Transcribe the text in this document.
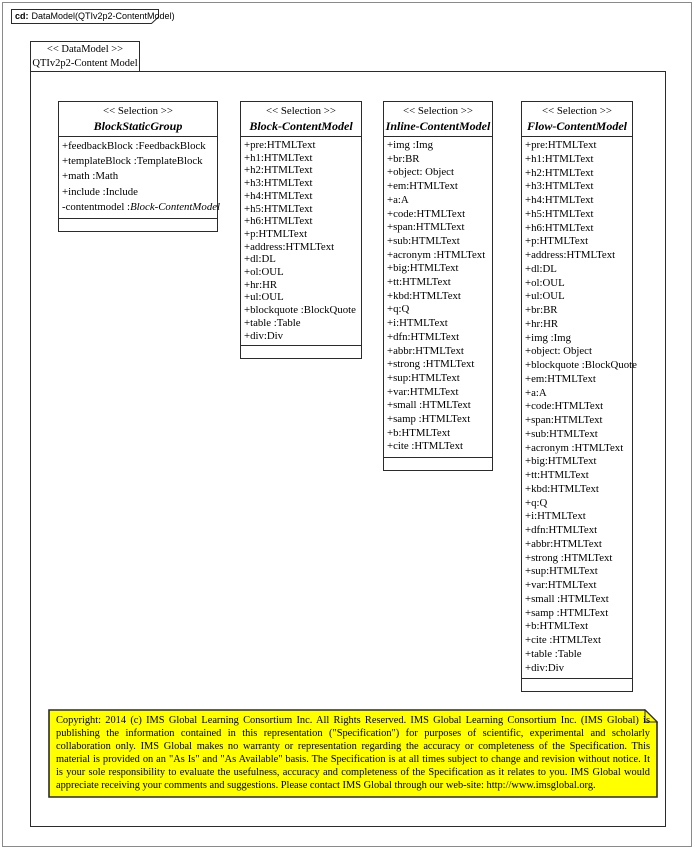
cd: DataModel(QTIv2p2-ContentModel)
<< DataModel >>
QTIv2p2-Content Model
<< Selection >>
BlockStaticGroup
+feedbackBlock :FeedbackBlock
+templateBlock :TemplateBlock
+math :Math
+include :Include
-contentmodel :Block-ContentModel
<< Selection >>
Block-ContentModel
+pre:HTMLText
+h1:HTMLText
+h2:HTMLText
+h3:HTMLText
+h4:HTMLText
+h5:HTMLText
+h6:HTMLText
+p:HTMLText
+address:HTMLText
+dl:DL
+ol:OUL
+hr:HR
+ul:OUL
+blockquote :BlockQuote
+table :Table
+div:Div
<< Selection >>
Inline-ContentModel
+img :Img
+br:BR
+object: Object
+em:HTMLText
+a:A
+code:HTMLText
+span:HTMLText
+sub:HTMLText
+acronym :HTMLText
+big:HTMLText
+tt:HTMLText
+kbd:HTMLText
+q:Q
+i:HTMLText
+dfn:HTMLText
+abbr:HTMLText
+strong :HTMLText
+sup:HTMLText
+var:HTMLText
+small :HTMLText
+samp :HTMLText
+b:HTMLText
+cite :HTMLText
<< Selection >>
Flow-ContentModel
+pre:HTMLText
+h1:HTMLText
+h2:HTMLText
+h3:HTMLText
+h4:HTMLText
+h5:HTMLText
+h6:HTMLText
+p:HTMLText
+address:HTMLText
+dl:DL
+ol:OUL
+ul:OUL
+br:BR
+hr:HR
+img :Img
+object: Object
+blockquote :BlockQuote
+em:HTMLText
+a:A
+code:HTMLText
+span:HTMLText
+sub:HTMLText
+acronym :HTMLText
+big:HTMLText
+tt:HTMLText
+kbd:HTMLText
+q:Q
+i:HTMLText
+dfn:HTMLText
+abbr:HTMLText
+strong :HTMLText
+sup:HTMLText
+var:HTMLText
+small :HTMLText
+samp :HTMLText
+b:HTMLText
+cite :HTMLText
+table :Table
+div:Div
Copyright: 2014 (c) IMS Global Learning Consortium Inc. All Rights Reserved. IMS Global Learning Consortium Inc. (IMS Global) is publishing the information contained in this representation ("Specification") for purposes of scientific, experimental and scholarly collaboration only. IMS Global makes no warranty or representation regarding the accuracy or completeness of the Specification. This material is provided on an "As Is" and "As Available" basis. The Specification is at all times subject to change and revision without notice. It is your sole responsibility to evaluate the usefulness, accuracy and completeness of the Specification as it relates to you. IMS Global would appreciate receiving your comments and suggestions. Please contact IMS Global through our web-site: http://www.imsglobal.org.
